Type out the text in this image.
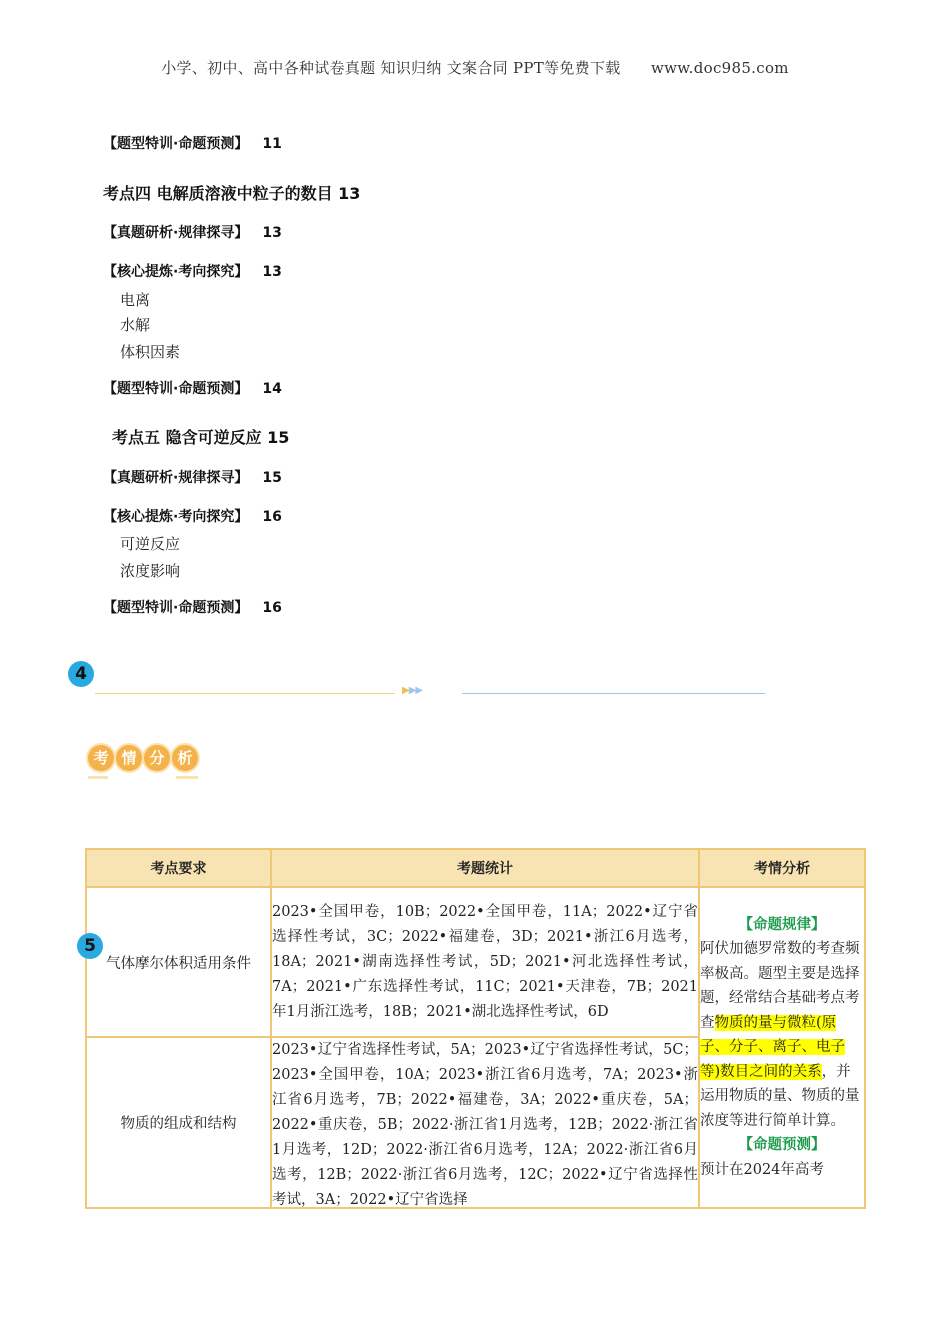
小学、初中、高中各种试卷真题 知识归纳 文案合同 PPT等免费下载 www.doc985.com
【题型特训·命题预测】 11
考点四 电解质溶液中粒子的数目 13
【真题研析·规律探寻】 13
【核心提炼·考向探究】 13
电离
水解
体积因素
【题型特训·命题预测】 14
考点五 隐含可逆反应 15
【真题研析·规律探寻】 15
【核心提炼·考向探究】 16
可逆反应
浓度影响
【题型特训·命题预测】 16
4
▶▶▶
考 情 分 析
考点要求	考题统计	考情分析
气体摩尔体积适用条件	2023•全国甲卷，10B；2022•全国甲卷，11A；2022•辽宁省选择性考试，3C；2022•福建卷，3D；2021•浙江6月选考，18A；2021•湖南选择性考试，5D；2021•河北选择性考试，7A；2021•广东选择性考试，11C；2021•天津卷，7B；2021年1月浙江选考，18B；2021•湖北选择性考试，6D	【命题规律】
阿伏加德罗常数的考查频率极高。题型主要是选择题，经常结合基础考点考查物质的量与微粒(原子、分子、离子、电子等)数目之间的关系，并运用物质的量、物质的量浓度等进行简单计算。
【命题预测】
预计在2024年高考

物质的组成和结构	2023•辽宁省选择性考试，5A；2023•辽宁省选择性考试，5C；2023•全国甲卷，10A；2023•浙江省6月选考，7A；2023•浙江省6月选考，7B；2022•福建卷，3A；2022•重庆卷，5A；2022•重庆卷，5B；2022·浙江省1月选考，12B；2022·浙江省1月选考，12D；2022·浙江省6月选考，12A；2022·浙江省6月选考，12B；2022·浙江省6月选考，12C；2022•辽宁省选择性考试，3A；2022•辽宁省选择	
5
